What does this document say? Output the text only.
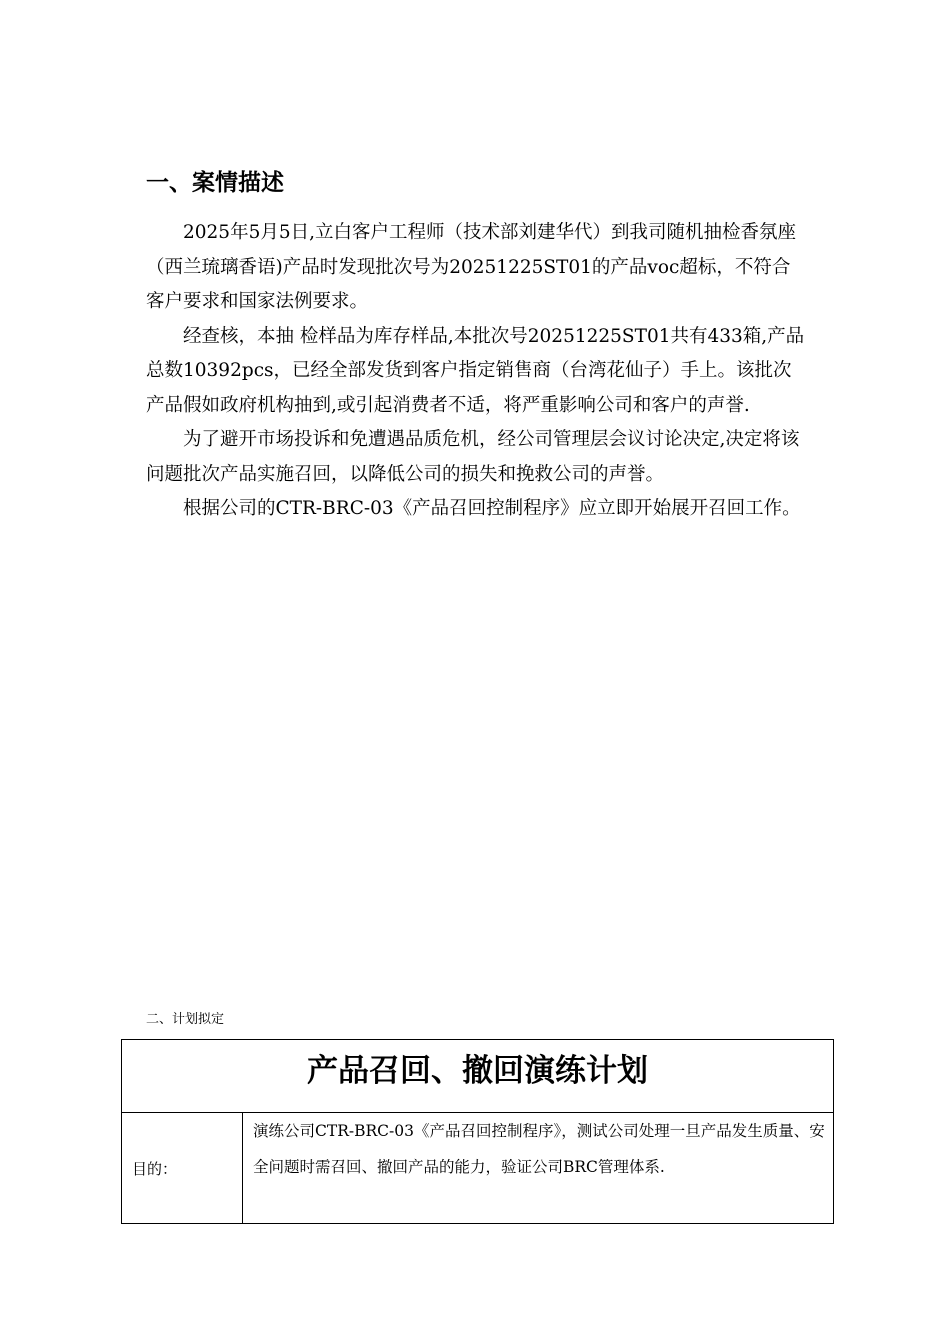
一、案情描述

2025年5月5日,立白客户工程师（技术部刘建华代）到我司随机抽检香氛座（西兰琉璃香语)产品时发现批次号为20251225ST01的产品voc超标，不符合客户要求和国家法例要求。

经查核，本抽 检样品为库存样品,本批次号20251225ST01共有433箱,产品总数10392pcs，已经全部发货到客户指定销售商（台湾花仙子）手上。该批次产品假如政府机构抽到,或引起消费者不适，将严重影响公司和客户的声誉.

为了避开市场投诉和免遭遇品质危机，经公司管理层会议讨论决定,决定将该问题批次产品实施召回，以降低公司的损失和挽救公司的声誉。

根据公司的CTR-BRC-03《产品召回控制程序》应立即开始展开召回工作。

二、计划拟定
产品召回、撤回演练计划
目的：	演练公司CTR-BRC-03《产品召回控制程序》，测试公司处理一旦产品发生质量、安全问题时需召回、撤回产品的能力，验证公司BRC管理体系.
